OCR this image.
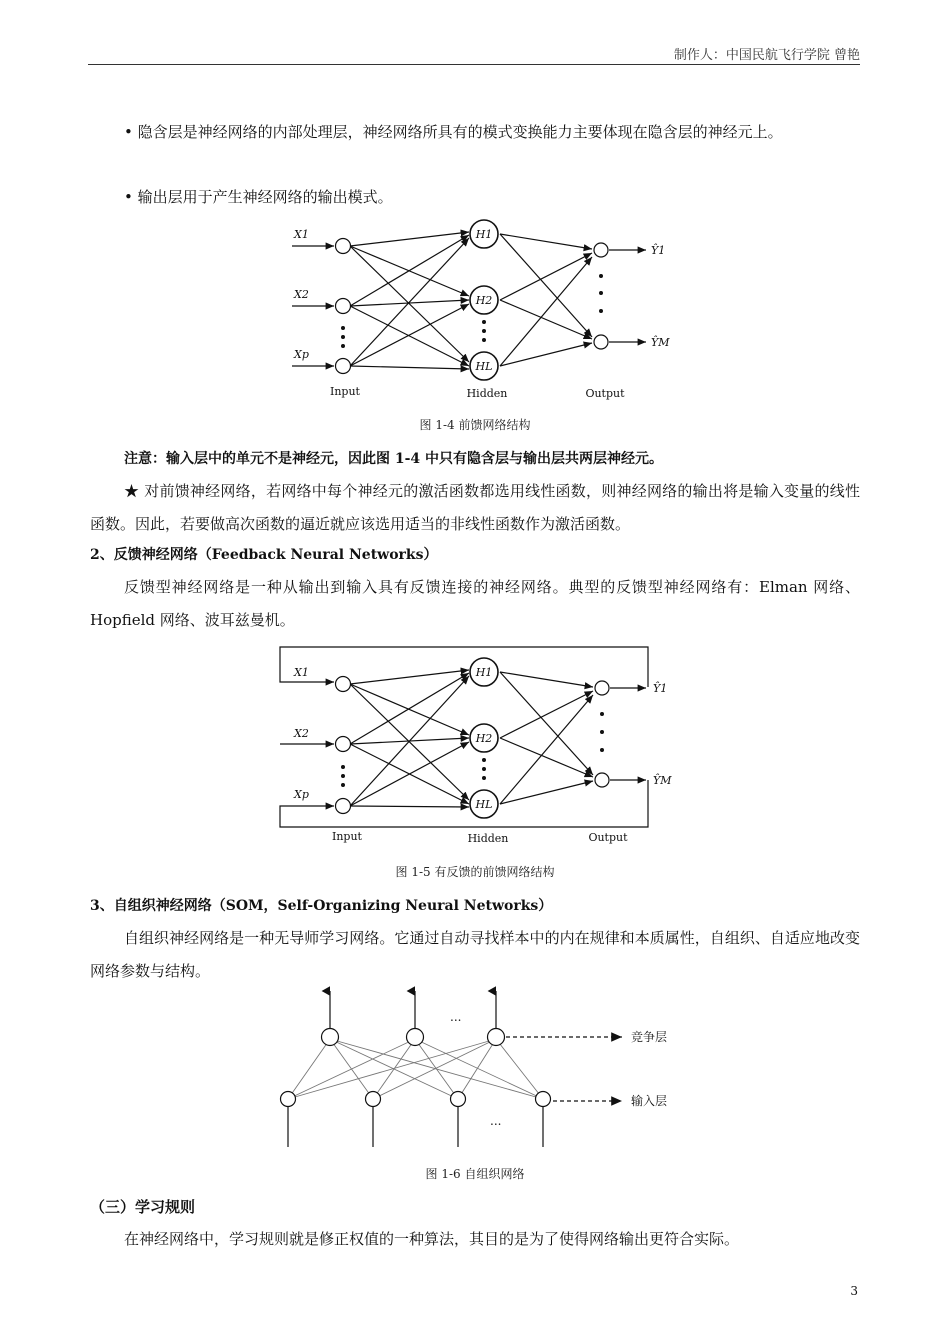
制作人：中国民航飞行学院 曾艳

• 隐含层是神经网络的内部处理层，神经网络所具有的模式变换能力主要体现在隐含层的神经元上。

• 输出层用于产生神经网络的输出模式。

X1
X2
Xp
H1
H2
HL
Ŷ1
ŶM
Input	Hidden	Output
图 1-4 前馈网络结构

注意：输入层中的单元不是神经元，因此图 1-4 中只有隐含层与输出层共两层神经元。

★ 对前馈神经网络，若网络中每个神经元的激活函数都选用线性函数，则神经网络的输出将是输入变量的线性函数。因此，若要做高次函数的逼近就应该选用适当的非线性函数作为激活函数。

2、反馈神经网络（Feedback Neural Networks）

反馈型神经网络是一种从输出到输入具有反馈连接的神经网络。典型的反馈型神经网络有：Elman 网络、Hopfield 网络、波耳兹曼机。

X1
X2
Xp
H1
H2
HL
Ŷ1
ŶM
Input	Hidden	Output
图 1-5 有反馈的前馈网络结构

3、自组织神经网络（SOM，Self-Organizing Neural Networks）

自组织神经网络是一种无导师学习网络。它通过自动寻找样本中的内在规律和本质属性，自组织、自适应地改变网络参数与结构。

...
...
竞争层
输入层
图 1-6 自组织网络

（三）学习规则

在神经网络中，学习规则就是修正权值的一种算法，其目的是为了使得网络输出更符合实际。

3
